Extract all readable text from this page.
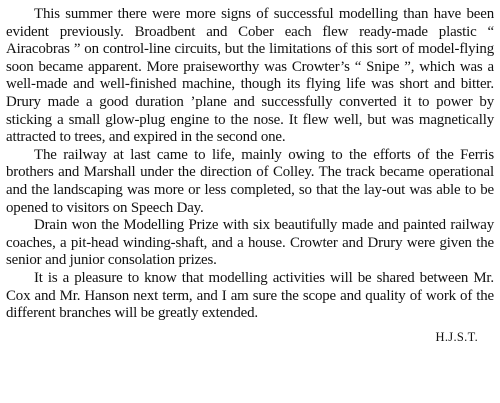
This summer there were more signs of successful modelling than have been evident previously. Broadbent and Cober each flew ready-made plastic “ Airacobras ” on control-line circuits, but the limitations of this sort of model-flying soon became apparent. More praiseworthy was Crowter’s “ Snipe ”, which was a well-made and well-finished machine, though its flying life was short and bitter. Drury made a good duration ’plane and successfully converted it to power by sticking a small glow-plug engine to the nose. It flew well, but was magnetically attracted to trees, and expired in the second one.

The railway at last came to life, mainly owing to the efforts of the Ferris brothers and Marshall under the direction of Colley. The track became operational and the landscaping was more or less completed, so that the lay-out was able to be opened to visitors on Speech Day.

Drain won the Modelling Prize with six beautifully made and painted railway coaches, a pit-head winding-shaft, and a house. Crowter and Drury were given the senior and junior consolation prizes.

It is a pleasure to know that modelling activities will be shared between Mr. Cox and Mr. Hanson next term, and I am sure the scope and quality of work of the different branches will be greatly extended.

H.J.S.T.
